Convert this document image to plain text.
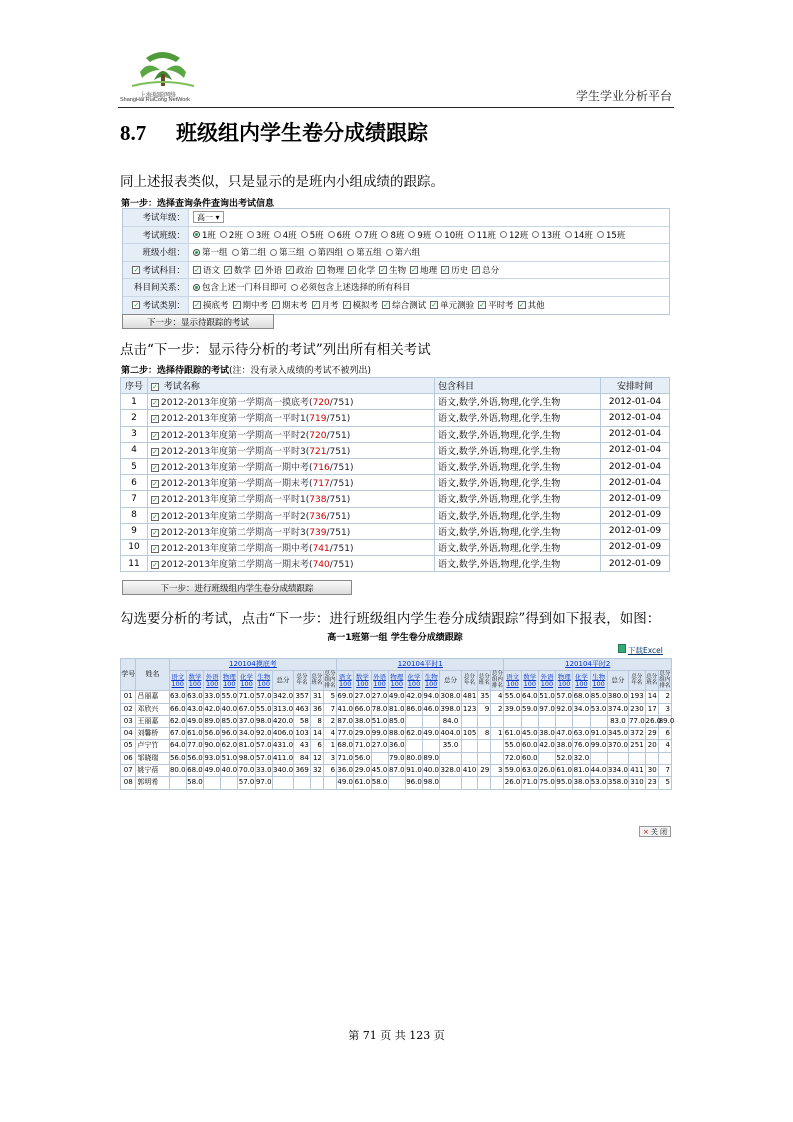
上海瑞聪网络
ShangHai RuiCong NetWork	学生学业分析平台
8.7 班级组内学生卷分成绩跟踪
同上述报表类似，只是显示的是班内小组成绩的跟踪。
第一步：选择查询条件查询出考试信息
考试年级：	高一
▾
考试班级：	1班 2班 3班 4班 5班 6班 7班 8班 9班 10班 11班 12班 13班 14班 15班
班级小组：	第一组 第二组 第三组 第四组 第五组 第六组
✓ 考试科目： ✓ 语文 ✓ 数学 ✓ 外语 ✓ 政治 ✓ 物理 ✓ 化学 ✓ 生物 ✓ 地理 ✓ 历史 ✓ 总分
科目间关系：	包含上述一门科目即可 必须包含上述选择的所有科目
✓ 考试类别： ✓ 摸底考 ✓ 期中考 ✓ 期末考 ✓ 月考 ✓ 模拟考 ✓ 综合测试 ✓ 单元测验 ✓ 平时考 ✓ 其他
下一步：显示待跟踪的考试
点击“下一步：显示待分析的考试”列出所有相关考试
第二步：选择待跟踪的考试(注：没有录入成绩的考试不被列出)
序号	✓ 考试名称	包含科目	安排时间
1	✓ 2012-2013年度第一学期高一摸底考(720/751)	语文,数学,外语,物理,化学,生物	2012-01-04
2	✓ 2012-2013年度第一学期高一平时1(719/751)	语文,数学,外语,物理,化学,生物	2012-01-04
3	✓ 2012-2013年度第一学期高一平时2(720/751)	语文,数学,外语,物理,化学,生物	2012-01-04
4	✓ 2012-2013年度第一学期高一平时3(721/751)	语文,数学,外语,物理,化学,生物	2012-01-04
5	✓ 2012-2013年度第一学期高一期中考(716/751)	语文,数学,外语,物理,化学,生物	2012-01-04
6	✓ 2012-2013年度第一学期高一期末考(717/751)	语文,数学,外语,物理,化学,生物	2012-01-04
7	✓ 2012-2013年度第二学期高一平时1(738/751)	语文,数学,外语,物理,化学,生物	2012-01-09
8	✓ 2012-2013年度第二学期高一平时2(736/751)	语文,数学,外语,物理,化学,生物	2012-01-09
9	✓ 2012-2013年度第二学期高一平时3(739/751)	语文,数学,外语,物理,化学,生物	2012-01-09
10	✓ 2012-2013年度第二学期高一期中考(741/751)	语文,数学,外语,物理,化学,生物	2012-01-09
11	✓ 2012-2013年度第二学期高一期末考(740/751)	语文,数学,外语,物理,化学,生物	2012-01-09
下一步：进行班级组内学生卷分成绩跟踪
勾选要分析的考试，点击“下一步：进行班级组内学生卷分成绩跟踪”得到如下报表，如图：
高一1班第一组 学生卷分成绩跟踪
下载Excel
学号	姓名	120104摸底考										120104平时1										120104平时2									
		语文100	数学100	外语100	物理100	化学100	生物100	总分	总分年名	总分班名	总分组内排名	语文100	数学100	外语100	物理100	化学100	生物100	总分	总分年名	总分班名	总分组内排名	语文100	数学100	外语100	物理100	化学100	生物100	总分	总分年名	总分班名	总分组内排名
01	吕丽嘉	63.0	63.0	33.0	55.0	71.0	57.0	342.0	357	31	5	69.0	27.0	27.0	49.0	42.0	94.0	308.0	481	35	4	55.0	64.0	51.0	57.0	68.0	85.0	380.0	193	14	2
02	邓欣兴	66.0	43.0	42.0	40.0	67.0	55.0	313.0	463	36	7	41.0	66.0	78.0	81.0	86.0	46.0	398.0	123	9	2	39.0	59.0	97.0	92.0	34.0	53.0	374.0	230	17	3
03	王丽嘉	62.0	49.0	89.0	85.0	37.0	98.0	420.0	58	8	2	87.0	38.0	51.0	85.0			84.0										83.0	77.0	26.0	89.0
04	刘馨桥	67.0	61.0	56.0	96.0	34.0	92.0	406.0	103	14	4	77.0	29.0	99.0	88.0	62.0	49.0	404.0	105	8	1	61.0	45.0	38.0	47.0	63.0	91.0	345.0	372	29	6
05	卢宁竹	64.0	77.0	90.0	62.0	81.0	57.0	431.0	43	6	1	68.0	71.0	27.0	36.0			35.0				55.0	60.0	42.0	38.0	76.0	99.0	370.0	251	20	4
06	邹晓瑞	56.0	56.0	93.0	51.0	98.0	57.0	411.0	84	12	3	71.0	56.0		79.0	80.0	89.0					72.0	60.0		52.0	32.0					
07	姚宁蓓	80.0	68.0	49.0	40.0	70.0	33.0	340.0	369	32	6	36.0	29.0	45.0	87.0	91.0	40.0	328.0	410	29	3	59.0	63.0	26.0	61.0	81.0	44.0	334.0	411	30	7
08	郭明希		58.0			57.0	97.0					49.0	61.0	58.0		96.0	98.0					26.0	71.0	75.0	95.0	38.0	53.0	358.0	310	23	5
× 关 闭
第 71 页 共 123 页
